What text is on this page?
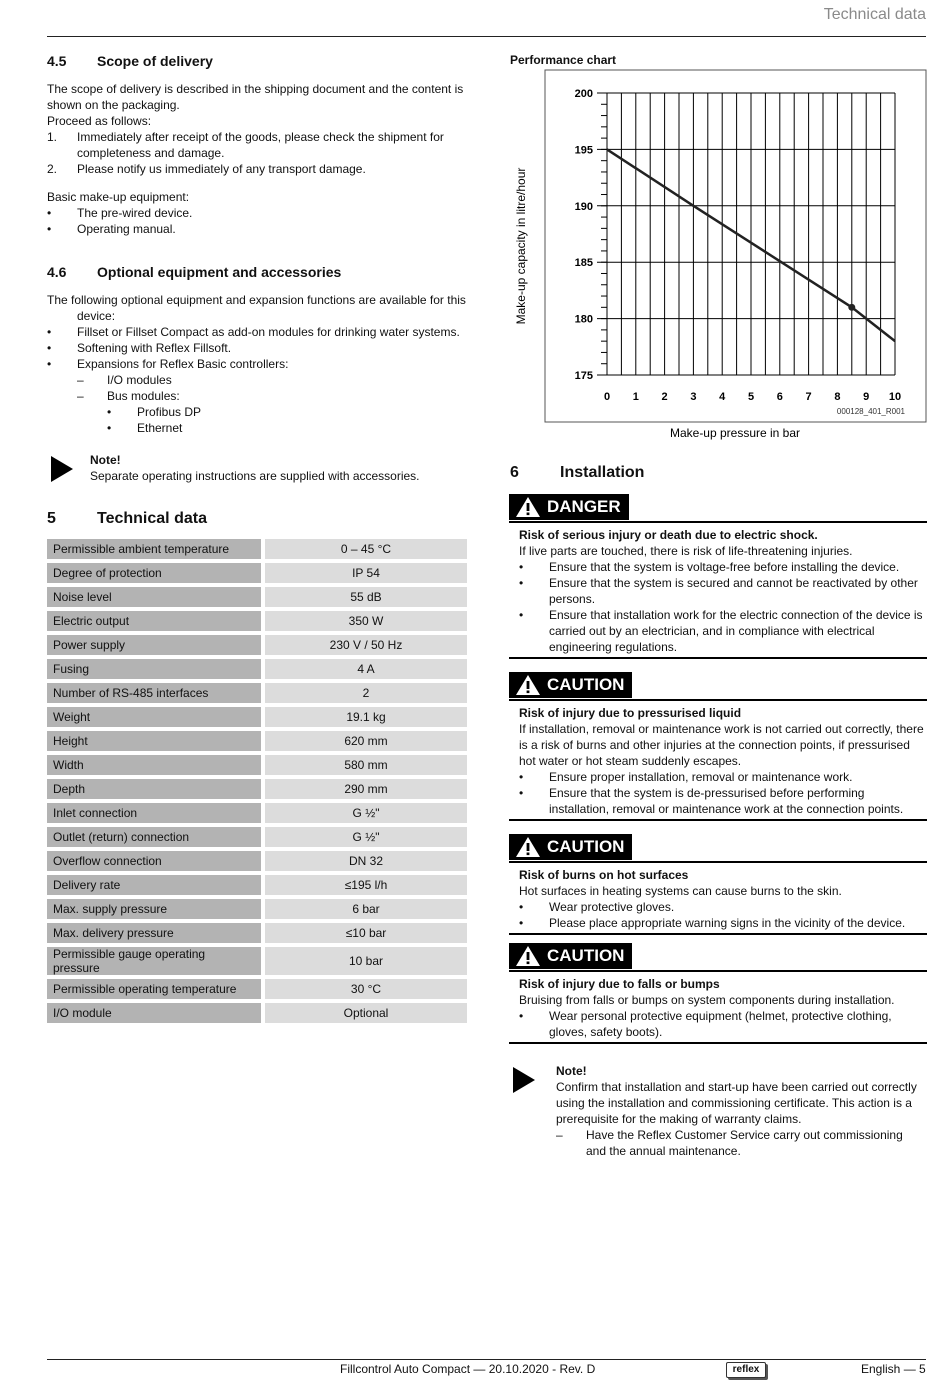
Technical data
4.5 Scope of delivery

The scope of delivery is described in the shipping document and the content is shown on the packaging.

Proceed as follows:

1. Immediately after receipt of the goods, please check the shipment for completeness and damage.
2. Please notify us immediately of any transport damage.

Basic make-up equipment:

• The pre-wired device.
• Operating manual.
4.6 Optional equipment and accessories

The following optional equipment and expansion functions are available for this device:

• Fillset or Fillset Compact as add-on modules for drinking water systems.
• Softening with Reflex Fillsoft.
• Expansions for Reflex Basic controllers:
– I/O modules
– Bus modules:
• Profibus DP
• Ethernet

Note!

Separate operating instructions are supplied with accessories.

5	Technical data
Permissible ambient temperature	0 – 45 °C
Degree of protection	IP 54
Noise level	55 dB
Electric output	350 W
Power supply	230 V / 50 Hz
Fusing	4 A
Number of RS-485 interfaces	2
Weight	19.1 kg
Height	620 mm
Width	580 mm
Depth	290 mm
Inlet connection	G ½"
Outlet (return) connection	G ½"
Overflow connection	DN 32
Delivery rate	≤195 l/h
Max. supply pressure	6 bar
Max. delivery pressure	≤10 bar
Permissible gauge operating pressure	10 bar
Permissible operating temperature	30 °C
I/O module	Optional
Performance chart
175
180
185
190
195
200
0 1 2 3 4 5 6 7 8 9 10
000128_401_R001
Make-up capacity in litre/hour
Make-up pressure in bar
6	Installation
DANGER
Risk of serious injury or death due to electric shock.

If live parts are touched, there is risk of life-threatening injuries.

• Ensure that the system is voltage-free before installing the device.
• Ensure that the system is secured and cannot be reactivated by other persons.
• Ensure that installation work for the electric connection of the device is carried out by an electrician, and in compliance with electrical engineering regulations.
CAUTION
Risk of injury due to pressurised liquid

If installation, removal or maintenance work is not carried out correctly, there is a risk of burns and other injuries at the connection points, if pressurised hot water or hot steam suddenly escapes.

• Ensure proper installation, removal or maintenance work.
• Ensure that the system is de-pressurised before performing installation, removal or maintenance work at the connection points.
CAUTION
Risk of burns on hot surfaces

Hot surfaces in heating systems can cause burns to the skin.

• Wear protective gloves.
• Please place appropriate warning signs in the vicinity of the device.
CAUTION
Risk of injury due to falls or bumps

Bruising from falls or bumps on system components during installation.

• Wear personal protective equipment (helmet, protective clothing, gloves, safety boots).

Note!

Confirm that installation and start-up have been carried out correctly using the installation and commissioning certificate. This action is a prerequisite for the making of warranty claims.

– Have the Reflex Customer Service carry out commissioning and the annual maintenance.
Fillcontrol Auto Compact — 20.10.2020 - Rev. D	reflex	English — 5
